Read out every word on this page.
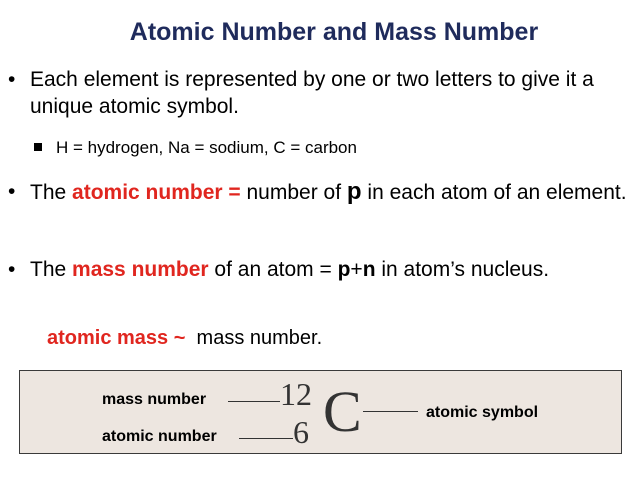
Atomic Number and Mass Number
• Each element is represented by one or two letters to give it a unique atomic symbol.
H = hydrogen, Na = sodium, C = carbon
• The atomic number = number of p in each atom of an element.
• The mass number of an atom = p+n in atom’s nucleus.
atomic mass ~ mass number.
mass number
atomic number
12
6 C	atomic symbol
